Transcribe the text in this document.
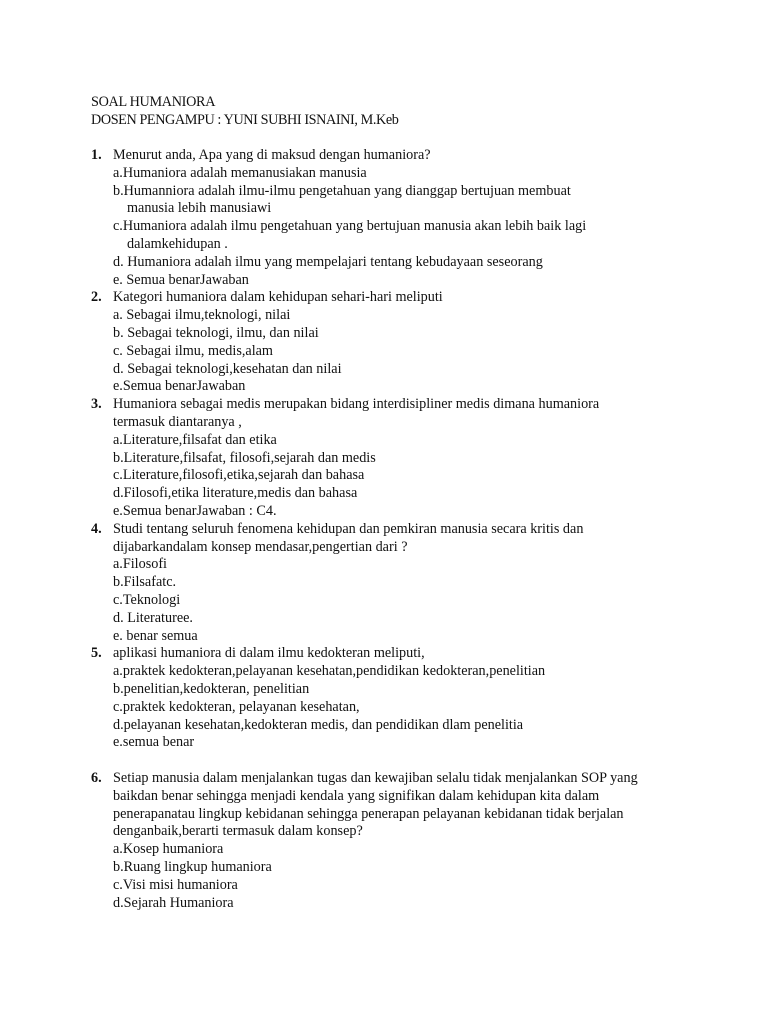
SOAL HUMANIORA
DOSEN PENGAMPU : YUNI SUBHI ISNAINI, M.Keb
1. Menurut anda, Apa yang di maksud dengan humaniora?
a.Humaniora adalah memanusiakan manusia
b.Humanniora adalah ilmu-ilmu pengetahuan yang dianggap bertujuan membuat
manusia lebih manusiawi
c.Humaniora adalah ilmu pengetahuan yang bertujuan manusia akan lebih baik lagi
dalamkehidupan .
d. Humaniora adalah ilmu yang mempelajari tentang kebudayaan seseorang
e. Semua benarJawaban
2. Kategori humaniora dalam kehidupan sehari-hari meliputi
a. Sebagai ilmu,teknologi, nilai
b. Sebagai teknologi, ilmu, dan nilai
c. Sebagai ilmu, medis,alam
d. Sebagai teknologi,kesehatan dan nilai
e.Semua benarJawaban
3. Humaniora sebagai medis merupakan bidang interdisipliner medis dimana humaniora
termasuk diantaranya ,
a.Literature,filsafat dan etika
b.Literature,filsafat, filosofi,sejarah dan medis
c.Literature,filosofi,etika,sejarah dan bahasa
d.Filosofi,etika literature,medis dan bahasa
e.Semua benarJawaban : C4.
4. Studi tentang seluruh fenomena kehidupan dan pemkiran manusia secara kritis dan
dijabarkandalam konsep mendasar,pengertian dari ?
a.Filosofi
b.Filsafatc.
c.Teknologi
d. Literaturee.
e. benar semua
5. aplikasi humaniora di dalam ilmu kedokteran meliputi,
a.praktek kedokteran,pelayanan kesehatan,pendidikan kedokteran,penelitian
b.penelitian,kedokteran, penelitian
c.praktek kedokteran, pelayanan kesehatan,
d.pelayanan kesehatan,kedokteran medis, dan pendidikan dlam penelitia
e.semua benar
6. Setiap manusia dalam menjalankan tugas dan kewajiban selalu tidak menjalankan SOP yang
baikdan benar sehingga menjadi kendala yang signifikan dalam kehidupan kita dalam
penerapanatau lingkup kebidanan sehingga penerapan pelayanan kebidanan tidak berjalan
denganbaik,berarti termasuk dalam konsep?
a.Kosep humaniora
b.Ruang lingkup humaniora
c.Visi misi humaniora
d.Sejarah Humaniora
